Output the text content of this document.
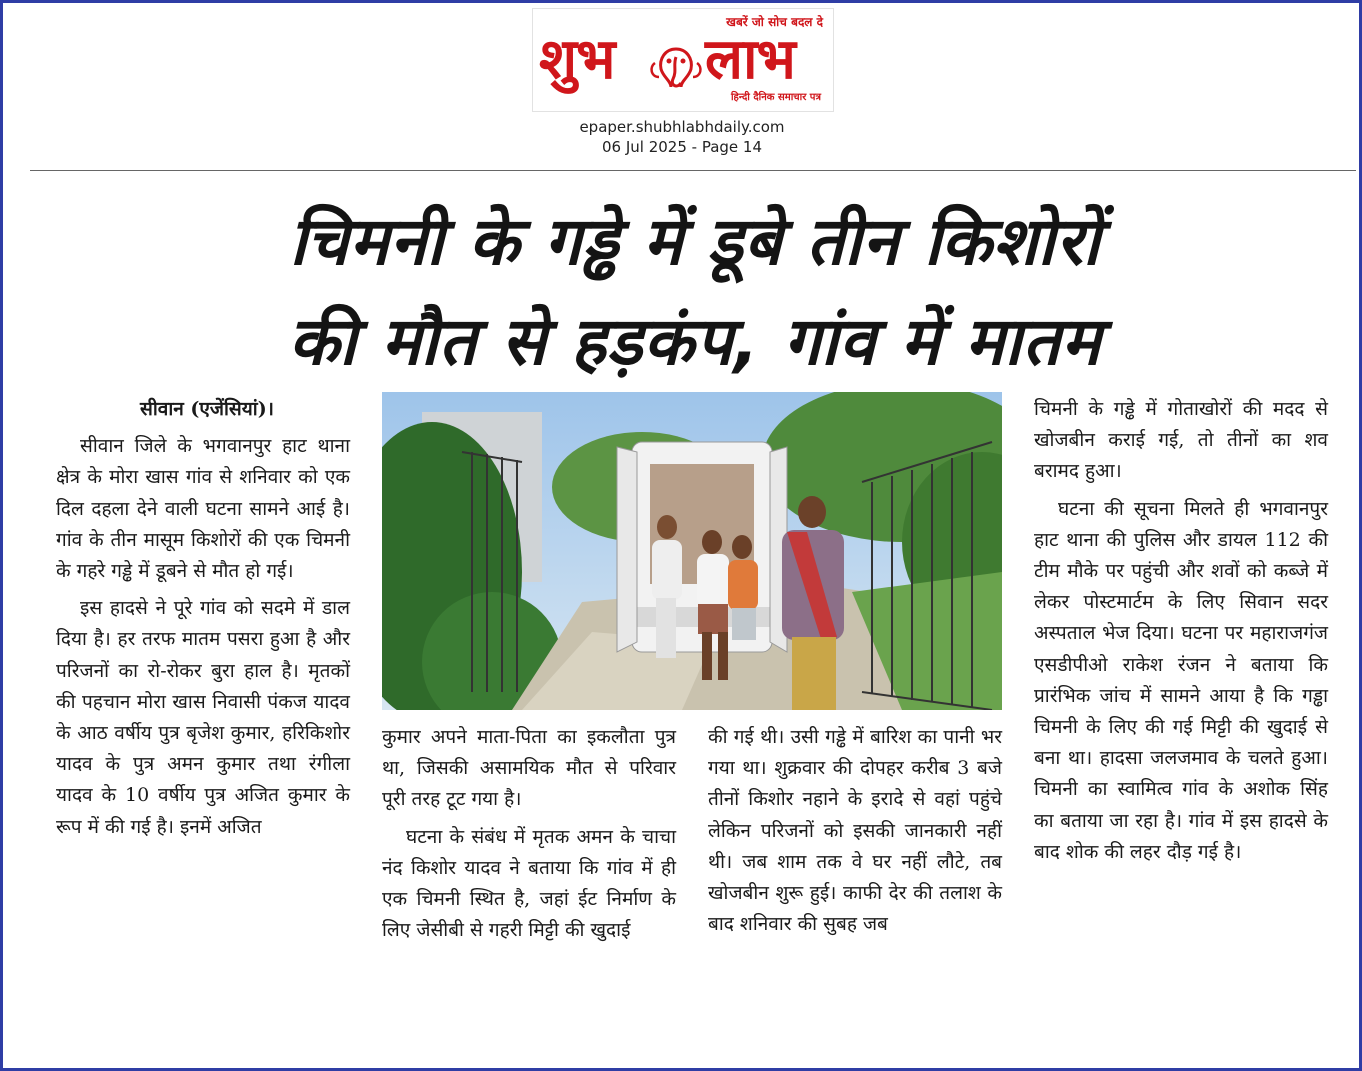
खबरें जो सोच बदल दे
शुभ लाभ
हिन्दी दैनिक समाचार पत्र
epaper.shubhlabhdaily.com
06 Jul 2025 - Page 14
चिमनी के गड्ढे में डूबे तीन किशोरों
की मौत से हड़कंप, गांव में मातम

सीवान (एजेंसियां)।

सीवान जिले के भगवानपुर हाट थाना क्षेत्र के मोरा खास गांव से शनिवार को एक दिल दहला देने वाली घटना सामने आई है। गांव के तीन मासूम किशोरों की एक चिमनी के गहरे गड्ढे में डूबने से मौत हो गई।

इस हादसे ने पूरे गांव को सदमे में डाल दिया है। हर तरफ मातम पसरा हुआ है और परिजनों का रो-रोकर बुरा हाल है। मृतकों की पहचान मोरा खास निवासी पंकज यादव के आठ वर्षीय पुत्र बृजेश कुमार, हरिकिशोर यादव के पुत्र अमन कुमार तथा रंगीला यादव के 10 वर्षीय पुत्र अजित कुमार के रूप में की गई है। इनमें अजित

कुमार अपने माता-पिता का इकलौता पुत्र था, जिसकी असामयिक मौत से परिवार पूरी तरह टूट गया है।

घटना के संबंध में मृतक अमन के चाचा नंद किशोर यादव ने बताया कि गांव में ही एक चिमनी स्थित है, जहां ईट निर्माण के लिए जेसीबी से गहरी मिट्टी की खुदाई

की गई थी। उसी गड्ढे में बारिश का पानी भर गया था। शुक्रवार की दोपहर करीब 3 बजे तीनों किशोर नहाने के इरादे से वहां पहुंचे लेकिन परिजनों को इसकी जानकारी नहीं थी। जब शाम तक वे घर नहीं लौटे, तब खोजबीन शुरू हुई। काफी देर की तलाश के बाद शनिवार की सुबह जब

चिमनी के गड्ढे में गोताखोरों की मदद से खोजबीन कराई गई, तो तीनों का शव बरामद हुआ।

घटना की सूचना मिलते ही भगवानपुर हाट थाना की पुलिस और डायल 112 की टीम मौके पर पहुंची और शवों को कब्जे में लेकर पोस्टमार्टम के लिए सिवान सदर अस्पताल भेज दिया। घटना पर महाराजगंज एसडीपीओ राकेश रंजन ने बताया कि प्रारंभिक जांच में सामने आया है कि गड्ढा चिमनी के लिए की गई मिट्टी की खुदाई से बना था। हादसा जलजमाव के चलते हुआ। चिमनी का स्वामित्व गांव के अशोक सिंह का बताया जा रहा है। गांव में इस हादसे के बाद शोक की लहर दौड़ गई है।
